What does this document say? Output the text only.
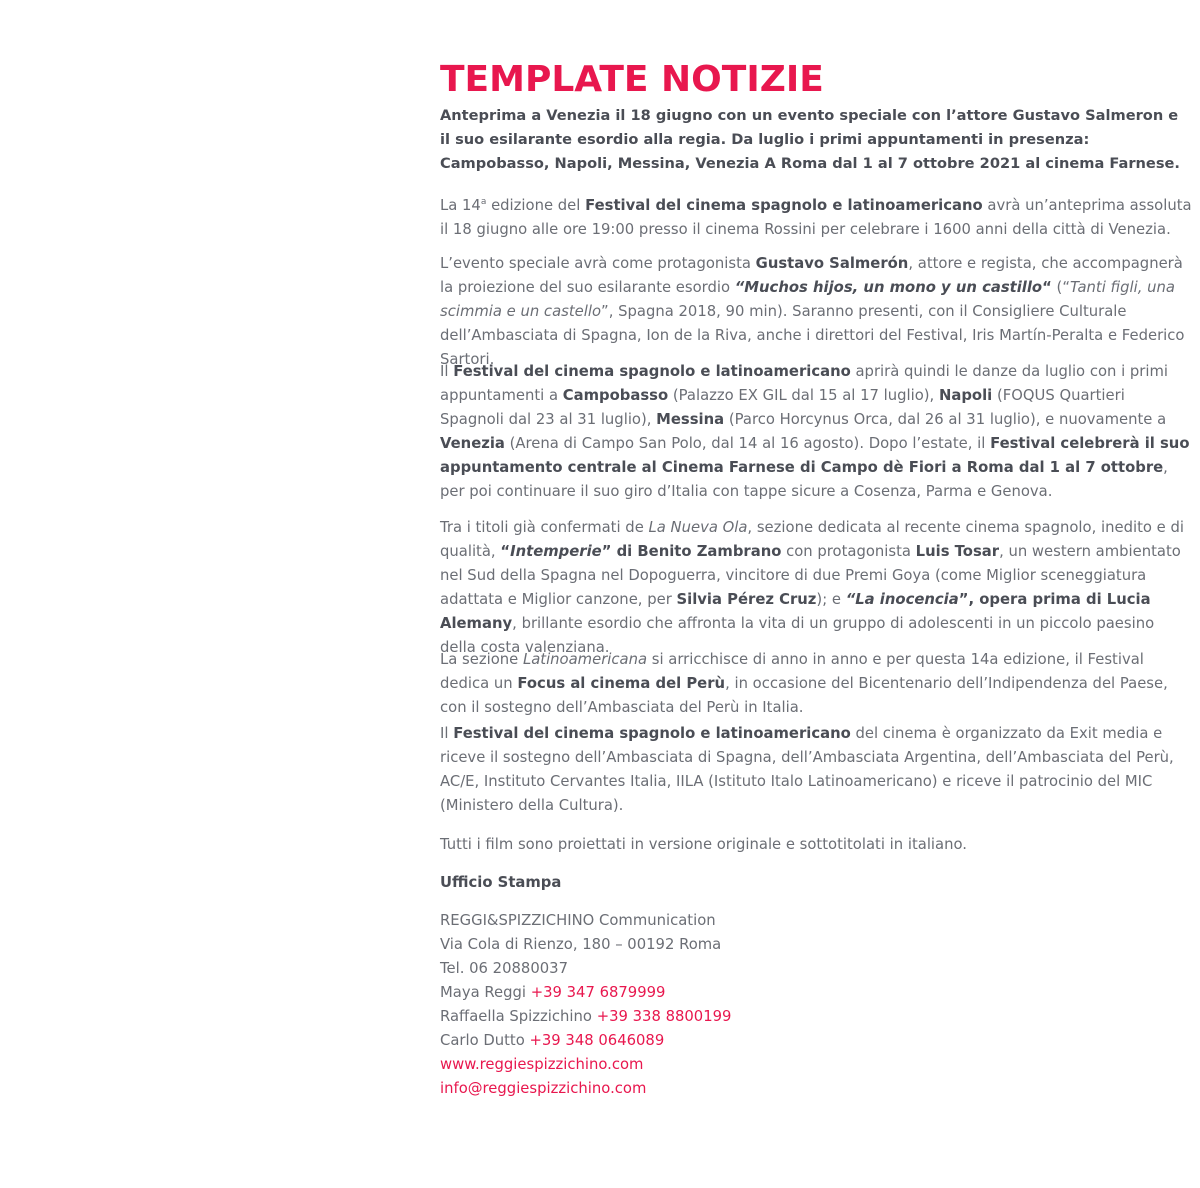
TEMPLATE NOTIZIE

Anteprima a Venezia il 18 giugno con un evento speciale con l’attore Gustavo Salmeron e il suo esilarante esordio alla regia. Da luglio i primi appuntamenti in presenza: Campobasso, Napoli, Messina, Venezia A Roma dal 1 al 7 ottobre 2021 al cinema Farnese.

La 14$^a$ edizione del Festival del cinema spagnolo e latinoamericano avrà un’anteprima assoluta il 18 giugno alle ore 19:00 presso il cinema Rossini per celebrare i 1600 anni della città di Venezia.

L’evento speciale avrà come protagonista Gustavo Salmerón, attore e regista, che accompagnerà la proiezione del suo esilarante esordio “Muchos hijos, un mono y un castillo“ (“Tanti figli, una scimmia e un castello”, Spagna 2018, 90 min). Saranno presenti, con il Consigliere Culturale dell’Ambasciata di Spagna, Ion de la Riva, anche i direttori del Festival, Iris Martín-Peralta e Federico Sartori.

Il Festival del cinema spagnolo e latinoamericano aprirà quindi le danze da luglio con i primi appuntamenti a Campobasso (Palazzo EX GIL dal 15 al 17 luglio), Napoli (FOQUS Quartieri Spagnoli dal 23 al 31 luglio), Messina (Parco Horcynus Orca, dal 26 al 31 luglio), e nuovamente a Venezia (Arena di Campo San Polo, dal 14 al 16 agosto). Dopo l’estate, il Festival celebrerà il suo appuntamento centrale al Cinema Farnese di Campo dè Fiori a Roma dal 1 al 7 ottobre, per poi continuare il suo giro d’Italia con tappe sicure a Cosenza, Parma e Genova.

Tra i titoli già confermati de La Nueva Ola, sezione dedicata al recente cinema spagnolo, inedito e di qualità, “Intemperie” di Benito Zambrano con protagonista Luis Tosar, un western ambientato nel Sud della Spagna nel Dopoguerra, vincitore di due Premi Goya (come Miglior sceneggiatura adattata e Miglior canzone, per Silvia Pérez Cruz); e “La inocencia”, opera prima di Lucia Alemany, brillante esordio che affronta la vita di un gruppo di adolescenti in un piccolo paesino della costa valenziana.

La sezione Latinoamericana si arricchisce di anno in anno e per questa 14a edizione, il Festival dedica un Focus al cinema del Perù, in occasione del Bicentenario dell’Indipendenza del Paese, con il sostegno dell’Ambasciata del Perù in Italia.

Il Festival del cinema spagnolo e latinoamericano del cinema è organizzato da Exit media e riceve il sostegno dell’Ambasciata di Spagna, dell’Ambasciata Argentina, dell’Ambasciata del Perù, AC/E, Instituto Cervantes Italia, IILA (Istituto Italo Latinoamericano) e riceve il patrocinio del MIC (Ministero della Cultura).

Tutti i film sono proiettati in versione originale e sottotitolati in italiano.

Ufficio Stampa

REGGI&SPIZZICHINO Communication
Via Cola di Rienzo, 180 – 00192 Roma
Tel. 06 20880037
Maya Reggi +39 347 6879999
Raffaella Spizzichino +39 338 8800199
Carlo Dutto +39 348 0646089
www.reggiespizzichino.com
info@reggiespizzichino.com
